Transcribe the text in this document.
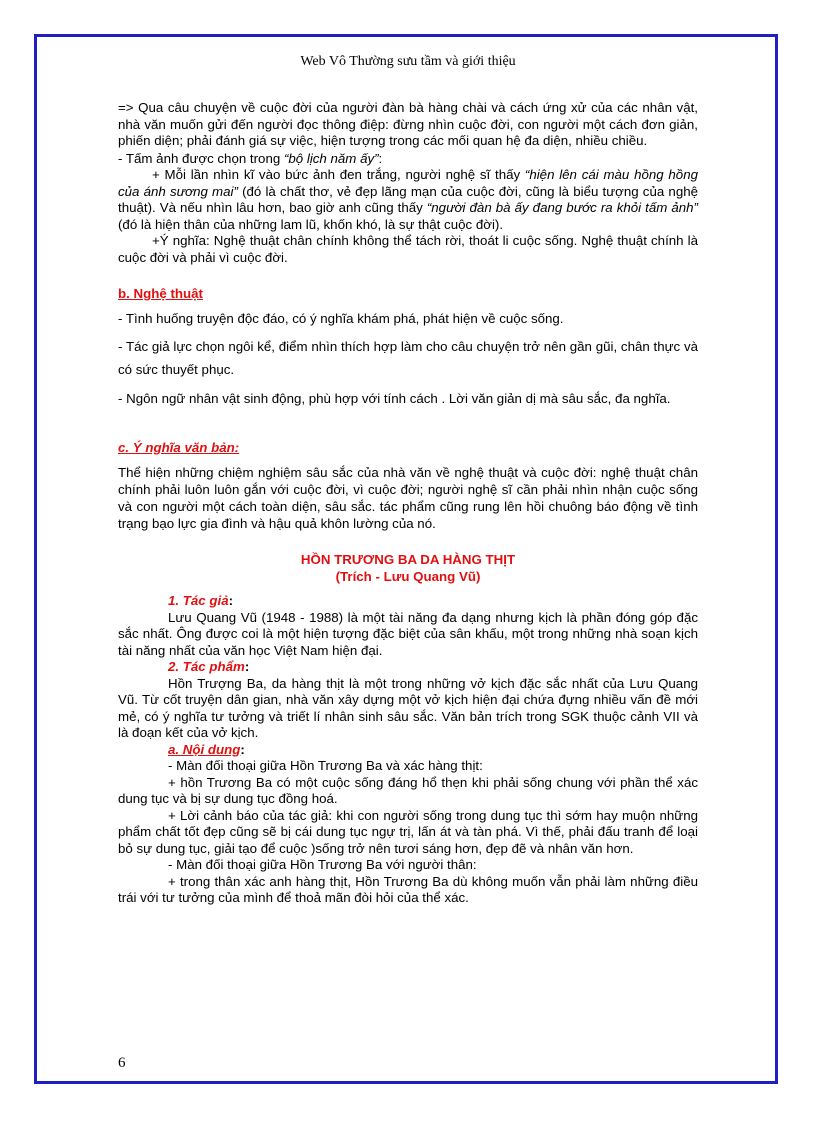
Web Vô Thường sưu tầm và giới thiệu

=> Qua câu chuyện về cuộc đời của người đàn bà hàng chài và cách ứng xử của các nhân vật, nhà văn muốn gửi đến người đọc thông điệp: đừng nhìn cuộc đời, con người một cách đơn giản, phiến diện; phải đánh giá sự việc, hiện tượng trong các mối quan hệ đa diện, nhiều chiều.

- Tấm ảnh được chọn trong “bộ lịch năm ấy”:

+ Mỗi lần nhìn kĩ vào bức ảnh đen trắng, người nghệ sĩ thấy “hiện lên cái màu hồng hồng của ánh sương mai” (đó là chất thơ, vẻ đẹp lãng mạn của cuộc đời, cũng là biểu tượng của nghệ thuật). Và nếu nhìn lâu hơn, bao giờ anh cũng thấy “người đàn bà ấy đang bước ra khỏi tấm ảnh” (đó là hiện thân của những lam lũ, khốn khó, là sự thật cuộc đời).

+Ý nghĩa: Nghệ thuật chân chính không thể tách rời, thoát li cuộc sống. Nghệ thuật chính là cuộc đời và phải vì cuộc đời.

b. Nghệ thuật

- Tình huống truyện độc đáo, có ý nghĩa khám phá, phát hiện về cuộc sống.

- Tác giả lực chọn ngôi kể, điểm nhìn thích hợp làm cho câu chuyện trở nên gần gũi, chân thực và có sức thuyết phục.

- Ngôn ngữ nhân vật sinh động, phù hợp với tính cách . Lời văn giản dị mà sâu sắc, đa nghĩa.

c. Ý nghĩa văn bản:

Thể hiện những chiệm nghiệm sâu sắc của nhà văn về nghệ thuật và cuộc đời: nghệ thuật chân chính phải luôn luôn gắn với cuộc đời, vì cuộc đời; người nghệ sĩ cần phải nhìn nhận cuộc sống và con người một cách toàn diện, sâu sắc. tác phẩm cũng rung lên hồi chuông báo động về tình trạng bạo lực gia đình và hậu quả khôn lường của nó.

HỒN TRƯƠNG BA DA HÀNG THỊT

(Trích - Lưu Quang Vũ)

1. Tác giả:

Lưu Quang Vũ (1948 - 1988) là một tài năng đa dạng nhưng kịch là phần đóng góp đặc sắc nhất. Ông được coi là một hiện tượng đặc biệt của sân khấu, một trong những nhà soạn kịch tài năng nhất của văn học Việt Nam hiện đại.

2. Tác phẩm:

Hồn Trượng Ba, da hàng thịt là một trong những vở kịch đặc sắc nhất của Lưu Quang Vũ. Từ cốt truyện dân gian, nhà văn xây dựng một vở kịch hiện đại chứa đựng nhiều vấn đề mới mẻ, có ý nghĩa tư tưởng và triết lí nhân sinh sâu sắc. Văn bản trích trong SGK thuộc cảnh VII và là đoạn kết của vở kịch.

a. Nội dung:

- Màn đối thoại giữa Hồn Trương Ba và xác hàng thịt:

+ hồn Trương Ba có một cuộc sống đáng hổ thẹn khi phải sống chung với phần thể xác dung tục và bị sự dung tục đồng hoá.

+ Lời cảnh báo của tác giả: khi con người sống trong dung tục thì sớm hay muộn những phẩm chất tốt đẹp cũng sẽ bị cái dung tục ngự trị, lấn át và tàn phá. Vì thế, phải đấu tranh để loại bỏ sự dung tục, giải tạo để cuộc )sống trở nên tươi sáng hơn, đẹp đẽ và nhân văn hơn.

- Màn đối thoại giữa Hồn Trương Ba với người thân:

+ trong thân xác anh hàng thịt, Hồn Trương Ba dù không muốn vẫn phải làm những điều trái với tư tưởng của mình để thoả mãn đòi hỏi của thể xác.

6
